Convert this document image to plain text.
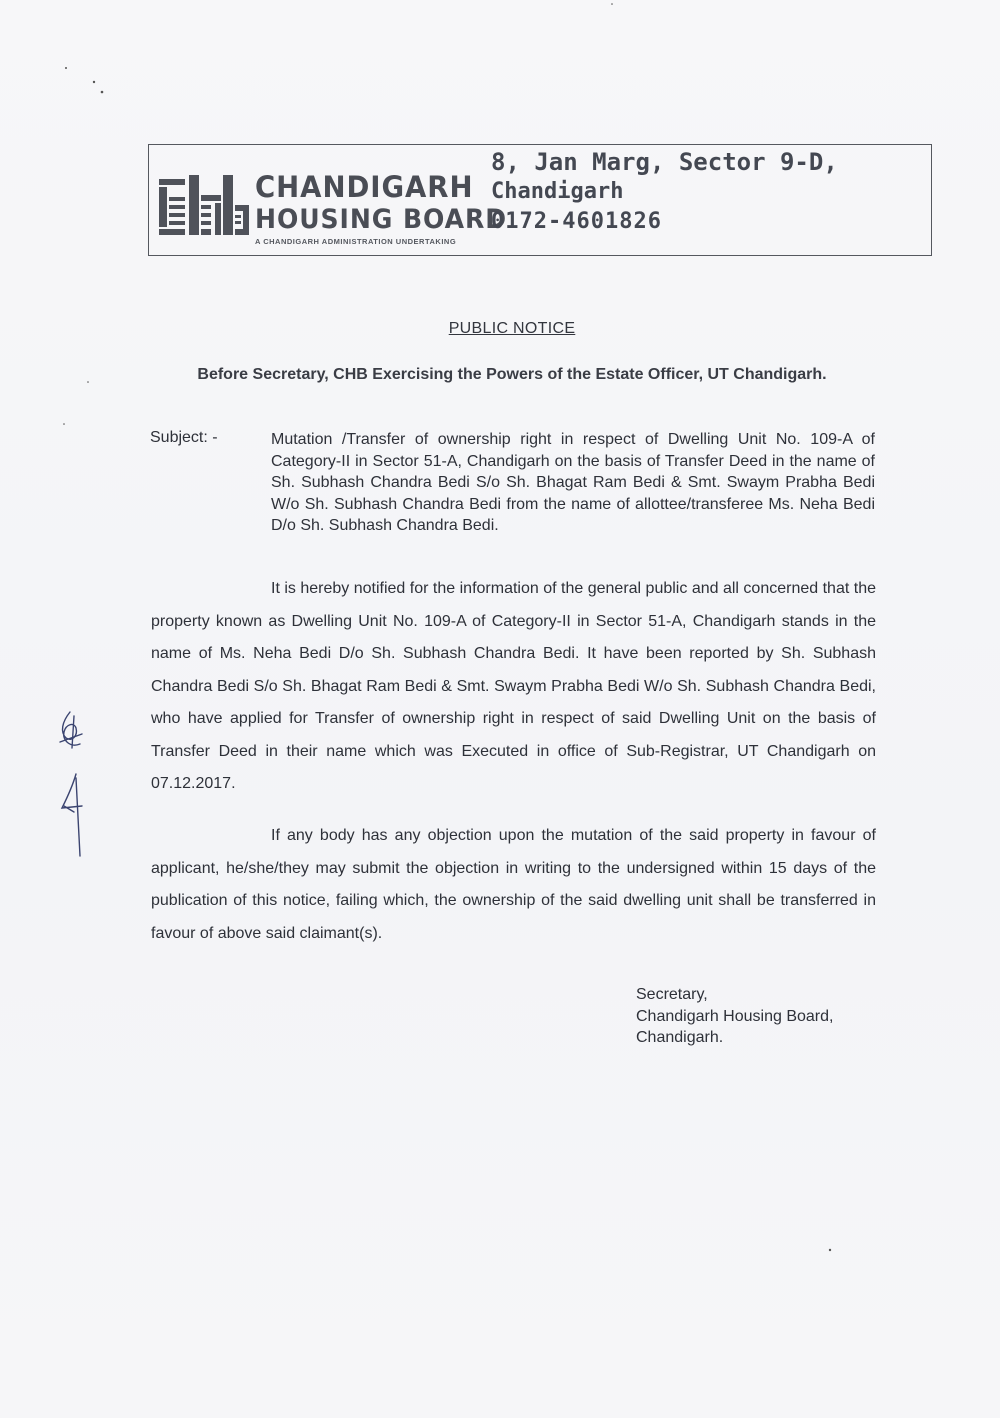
CHANDIGARH
HOUSING BOARD
A CHANDIGARH ADMINISTRATION UNDERTAKING
8, Jan Marg, Sector 9-D,
Chandigarh
0172-4601826
PUBLIC NOTICE
Before Secretary, CHB Exercising the Powers of the Estate Officer, UT Chandigarh.
Subject: -	Mutation /Transfer of ownership right in respect of Dwelling Unit No. 109-A of Category-II in Sector 51-A, Chandigarh on the basis of Transfer Deed in the name of Sh. Subhash Chandra Bedi S/o Sh. Bhagat Ram Bedi & Smt. Swaym Prabha Bedi W/o Sh. Subhash Chandra Bedi from the name of allottee/transferee Ms. Neha Bedi D/o Sh. Subhash Chandra Bedi.
It is hereby notified for the information of the general public and all concerned that the property known as Dwelling Unit No. 109-A of Category-II in Sector 51-A, Chandigarh stands in the name of Ms. Neha Bedi D/o Sh. Subhash Chandra Bedi. It have been reported by Sh. Subhash Chandra Bedi S/o Sh. Bhagat Ram Bedi & Smt. Swaym Prabha Bedi W/o Sh. Subhash Chandra Bedi, who have applied for Transfer of ownership right in respect of said Dwelling Unit on the basis of Transfer Deed in their name which was Executed in office of Sub-Registrar, UT Chandigarh on 07.12.2017.
If any body has any objection upon the mutation of the said property in favour of applicant, he/she/they may submit the objection in writing to the undersigned within 15 days of the publication of this notice, failing which, the ownership of the said dwelling unit shall be transferred in favour of above said claimant(s).
Secretary,
Chandigarh Housing Board,
Chandigarh.
